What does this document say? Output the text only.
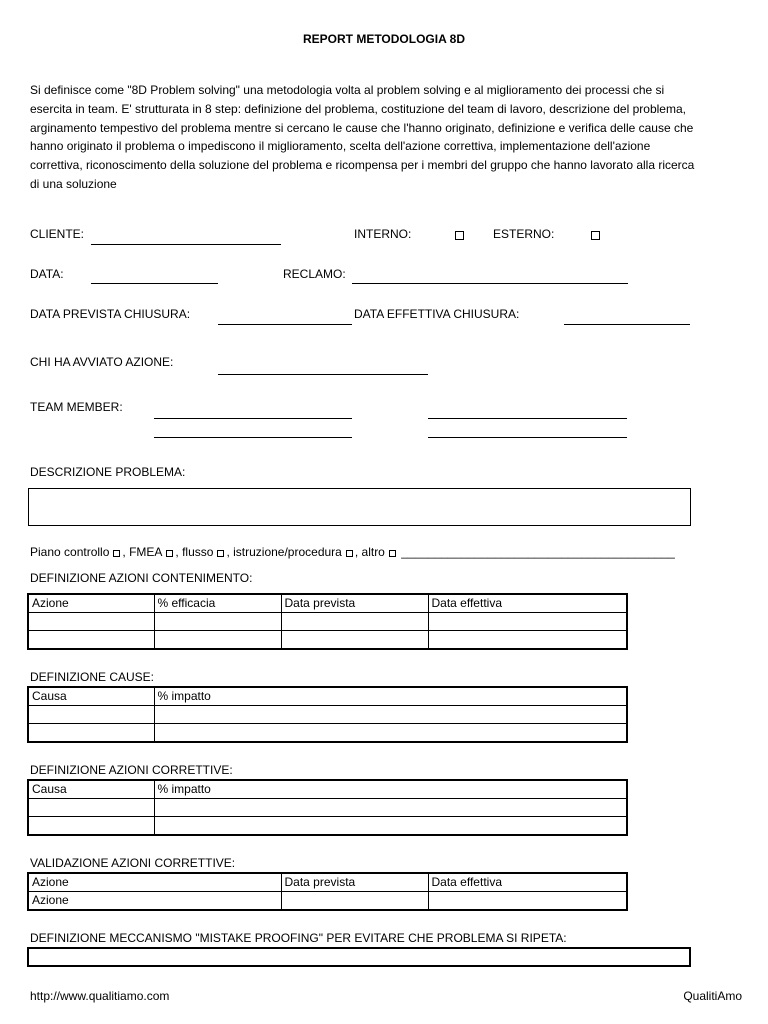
REPORT METODOLOGIA 8D
Si definisce come "8D Problem solving" una metodologia volta al problem solving e al miglioramento dei processi che si esercita in team. E' strutturata in 8 step: definizione del problema, costituzione del team di lavoro, descrizione del problema, arginamento tempestivo del problema mentre si cercano le cause che l'hanno originato, definizione e verifica delle cause che hanno originato il problema o impediscono il miglioramento, scelta dell'azione correttiva, implementazione dell'azione correttiva, riconoscimento della soluzione del problema e ricompensa per i membri del gruppo che hanno lavorato alla ricerca di una soluzione
CLIENTE:	INTERNO:	ESTERNO:
DATA:	RECLAMO:
DATA PREVISTA CHIUSURA:	DATA EFFETTIVA CHIUSURA:
CHI HA AVVIATO AZIONE:
TEAM MEMBER:
DESCRIZIONE PROBLEMA:
Piano controllo , FMEA , flusso , istruzione/procedura , altro _________________________________________
DEFINIZIONE AZIONI CONTENIMENTO:
Azione	% efficacia	Data prevista	Data effettiva

DEFINIZIONE CAUSE:
Causa	% impatto

DEFINIZIONE AZIONI CORRETTIVE:
Causa	% impatto

VALIDAZIONE AZIONI CORRETTIVE:
Azione	Data prevista	Data effettiva
Azione		
DEFINIZIONE MECCANISMO "MISTAKE PROOFING" PER EVITARE CHE PROBLEMA SI RIPETA:
http://www.qualitiamo.com	QualitiAmo
